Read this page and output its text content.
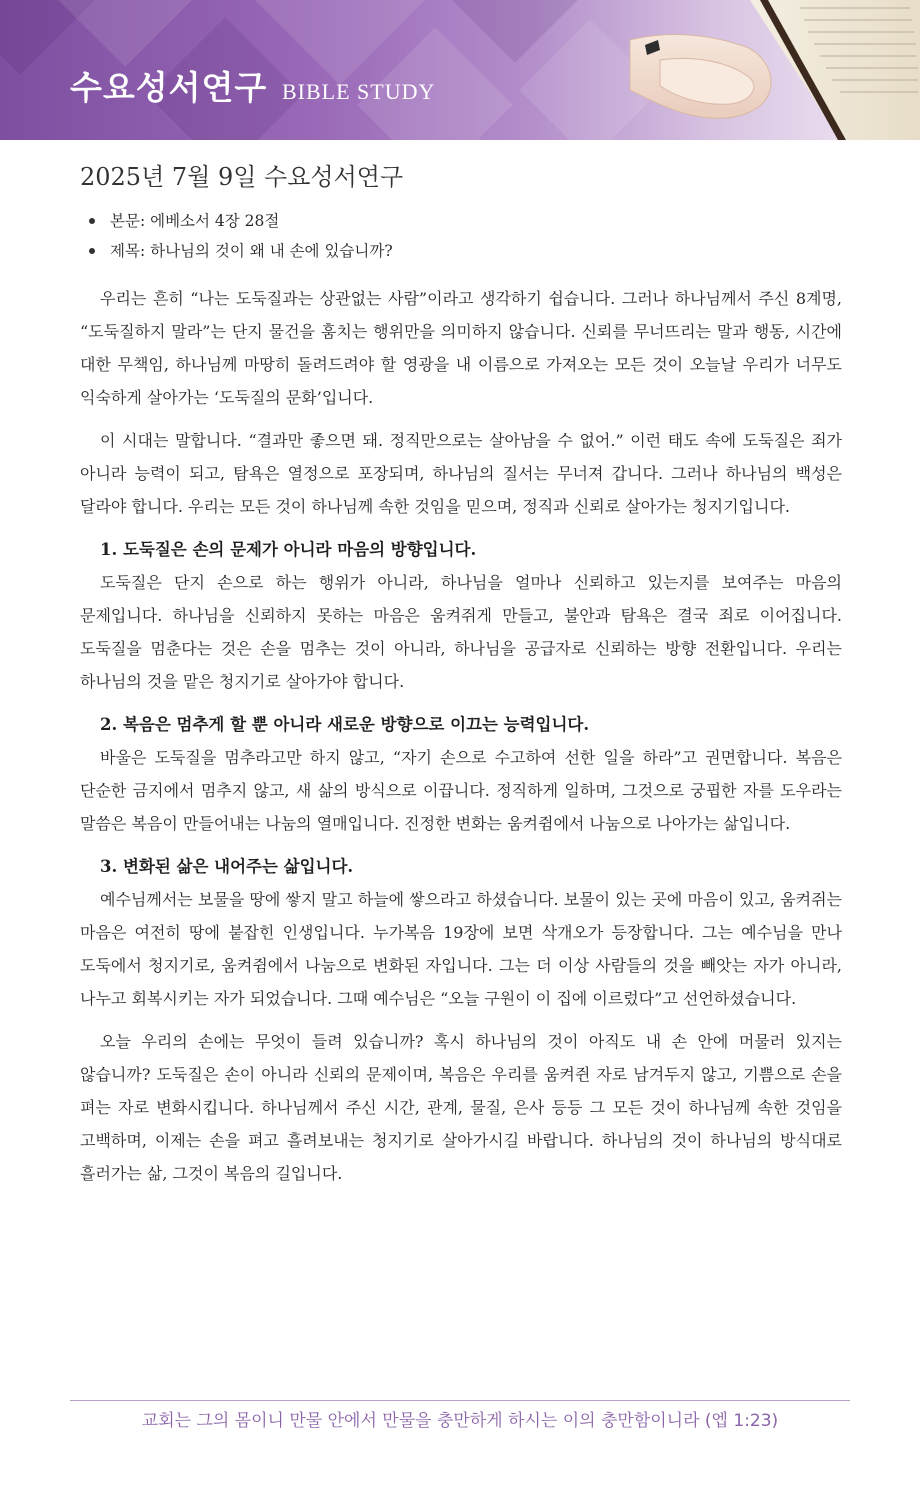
수요성서연구 BIBLE STUDY
2025년 7월 9일 수요성서연구
본문: 에베소서 4장 28절
제목: 하나님의 것이 왜 내 손에 있습니까?

우리는 흔히 “나는 도둑질과는 상관없는 사람”이라고 생각하기 쉽습니다. 그러나 하나님께서 주신 8계명, “도둑질하지 말라”는 단지 물건을 훔치는 행위만을 의미하지 않습니다. 신뢰를 무너뜨리는 말과 행동, 시간에 대한 무책임, 하나님께 마땅히 돌려드려야 할 영광을 내 이름으로 가져오는 모든 것이 오늘날 우리가 너무도 익숙하게 살아가는 ‘도둑질의 문화’입니다.

이 시대는 말합니다. “결과만 좋으면 돼. 정직만으로는 살아남을 수 없어.” 이런 태도 속에 도둑질은 죄가 아니라 능력이 되고, 탐욕은 열정으로 포장되며, 하나님의 질서는 무너져 갑니다. 그러나 하나님의 백성은 달라야 합니다. 우리는 모든 것이 하나님께 속한 것임을 믿으며, 정직과 신뢰로 살아가는 청지기입니다.

1. 도둑질은 손의 문제가 아니라 마음의 방향입니다.

도둑질은 단지 손으로 하는 행위가 아니라, 하나님을 얼마나 신뢰하고 있는지를 보여주는 마음의 문제입니다. 하나님을 신뢰하지 못하는 마음은 움켜쥐게 만들고, 불안과 탐욕은 결국 죄로 이어집니다. 도둑질을 멈춘다는 것은 손을 멈추는 것이 아니라, 하나님을 공급자로 신뢰하는 방향 전환입니다. 우리는 하나님의 것을 맡은 청지기로 살아가야 합니다.

2. 복음은 멈추게 할 뿐 아니라 새로운 방향으로 이끄는 능력입니다.

바울은 도둑질을 멈추라고만 하지 않고, “자기 손으로 수고하여 선한 일을 하라”고 권면합니다. 복음은 단순한 금지에서 멈추지 않고, 새 삶의 방식으로 이끕니다. 정직하게 일하며, 그것으로 궁핍한 자를 도우라는 말씀은 복음이 만들어내는 나눔의 열매입니다. 진정한 변화는 움켜쥠에서 나눔으로 나아가는 삶입니다.

3. 변화된 삶은 내어주는 삶입니다.

예수님께서는 보물을 땅에 쌓지 말고 하늘에 쌓으라고 하셨습니다. 보물이 있는 곳에 마음이 있고, 움켜쥐는 마음은 여전히 땅에 붙잡힌 인생입니다. 누가복음 19장에 보면 삭개오가 등장합니다. 그는 예수님을 만나 도둑에서 청지기로, 움켜쥠에서 나눔으로 변화된 자입니다. 그는 더 이상 사람들의 것을 빼앗는 자가 아니라, 나누고 회복시키는 자가 되었습니다. 그때 예수님은 “오늘 구원이 이 집에 이르렀다”고 선언하셨습니다.

오늘 우리의 손에는 무엇이 들려 있습니까? 혹시 하나님의 것이 아직도 내 손 안에 머물러 있지는 않습니까? 도둑질은 손이 아니라 신뢰의 문제이며, 복음은 우리를 움켜쥔 자로 남겨두지 않고, 기쁨으로 손을 펴는 자로 변화시킵니다. 하나님께서 주신 시간, 관계, 물질, 은사 등등 그 모든 것이 하나님께 속한 것임을 고백하며, 이제는 손을 펴고 흘려보내는 청지기로 살아가시길 바랍니다. 하나님의 것이 하나님의 방식대로 흘러가는 삶, 그것이 복음의 길입니다.

교회는 그의 몸이니 만물 안에서 만물을 충만하게 하시는 이의 충만함이니라 (엡 1:23)
